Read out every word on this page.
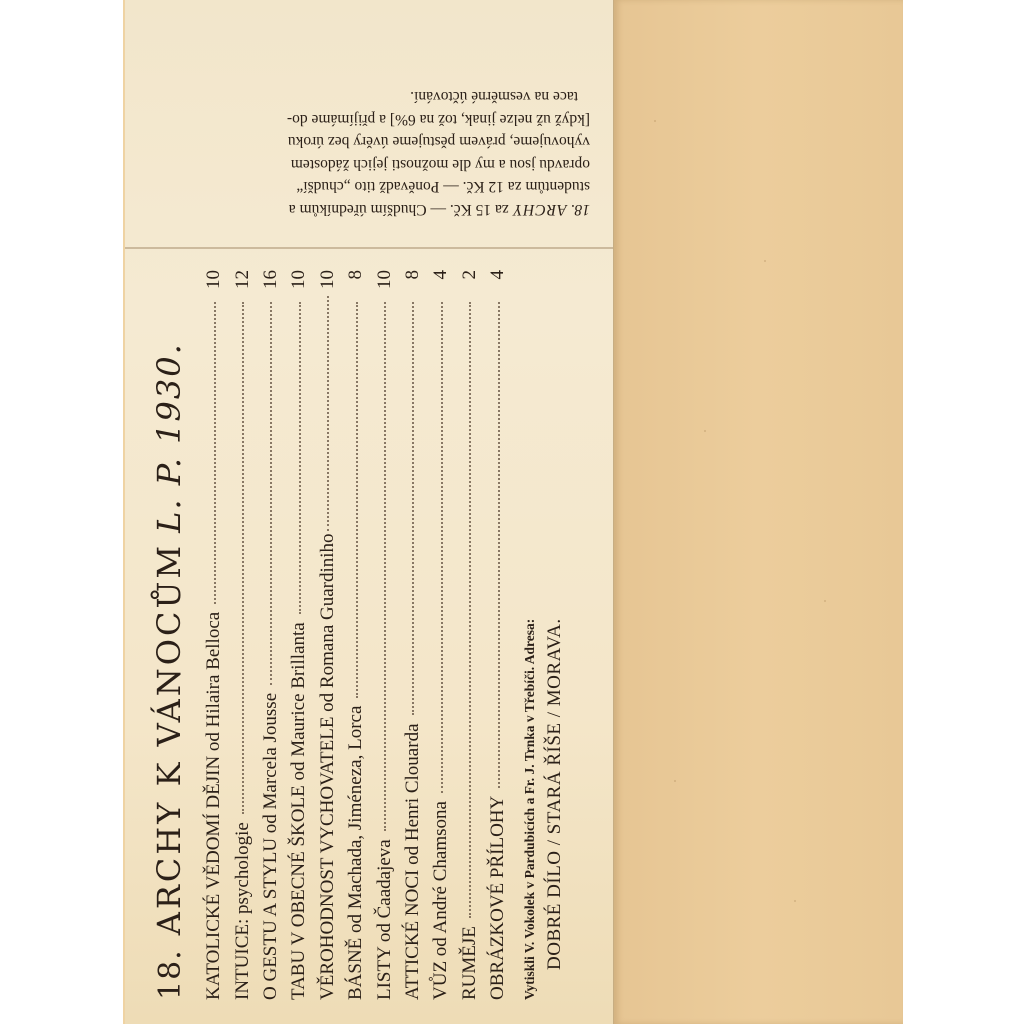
18.
ARCHY K VÁNOCŮM
L. P. 1930.
KATOLICKÉ VĚDOMÍ DĚJIN od Hilaira Belloca
10
INTUICE: psychologie
12
O GESTU A STYLU od Marcela Jousse
16
TABU V OBECNÉ ŠKOLE od Maurice Brillanta
10
VĚROHODNOST VYCHOVATELE od Romana Guardiniho
10
BÁSNĚ od Machada, Jiméneza, Lorca
8
LISTY od Čaadajeva
10
ATTICKÉ NOCI od Henri Clouarda
8
VŮZ od André Chamsona
4
RUMĚJE
2
OBRÁZKOVÉ PŘÍLOHY
4
Vytiskli V. Vokolek v Pardubicích a Fr. J. Trnka v Třebíči. Adresa: DOBRÉ DÍLO / STARÁ ŘÍŠE / MORAVA.

18. ARCHY za 15 Kč. — Chudším úředníkům a
studentům za 12 Kč. — Poněvadž tito „chudší“
opravdu jsou a my dle možnosti jejich žádostem
vyhovujeme, právem pěstujeme úvěry bez úroku
[když už nelze jinak, tož na 6%] a přijímáme do-
tace na vesměrné účtování.
